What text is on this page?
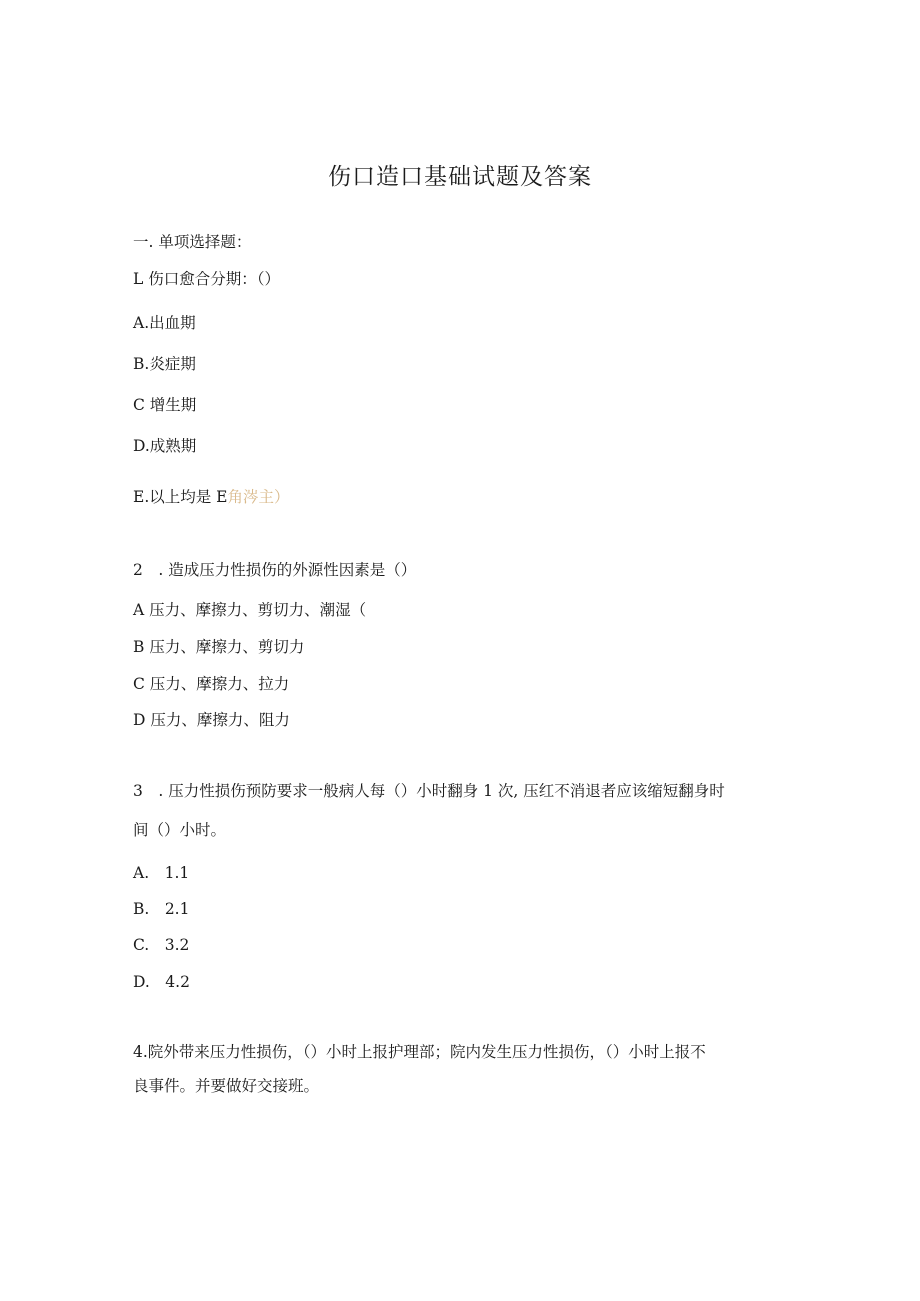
伤口造口基础试题及答案
一. 单项选择题：
L 伤口愈合分期：（）
A.出血期
B.炎症期
C 增生期
D.成熟期
E.以上均是 E角涔主）
2　. 造成压力性损伤的外源性因素是（）
A 压力、摩擦力、剪切力、潮湿（
B 压力、摩擦力、剪切力
C 压力、摩擦力、拉力
D 压力、摩擦力、阻力
3　. 压力性损伤预防要求一般病人每（）小时翻身 1 次, 压红不消退者应该缩短翻身时
间（）小时。
A.　1.1
B.　2.1
C.　3.2
D.　4.2
4.院外带来压力性损伤，（）小时上报护理部；院内发生压力性损伤，（）小时上报不
良事件。并要做好交接班。
